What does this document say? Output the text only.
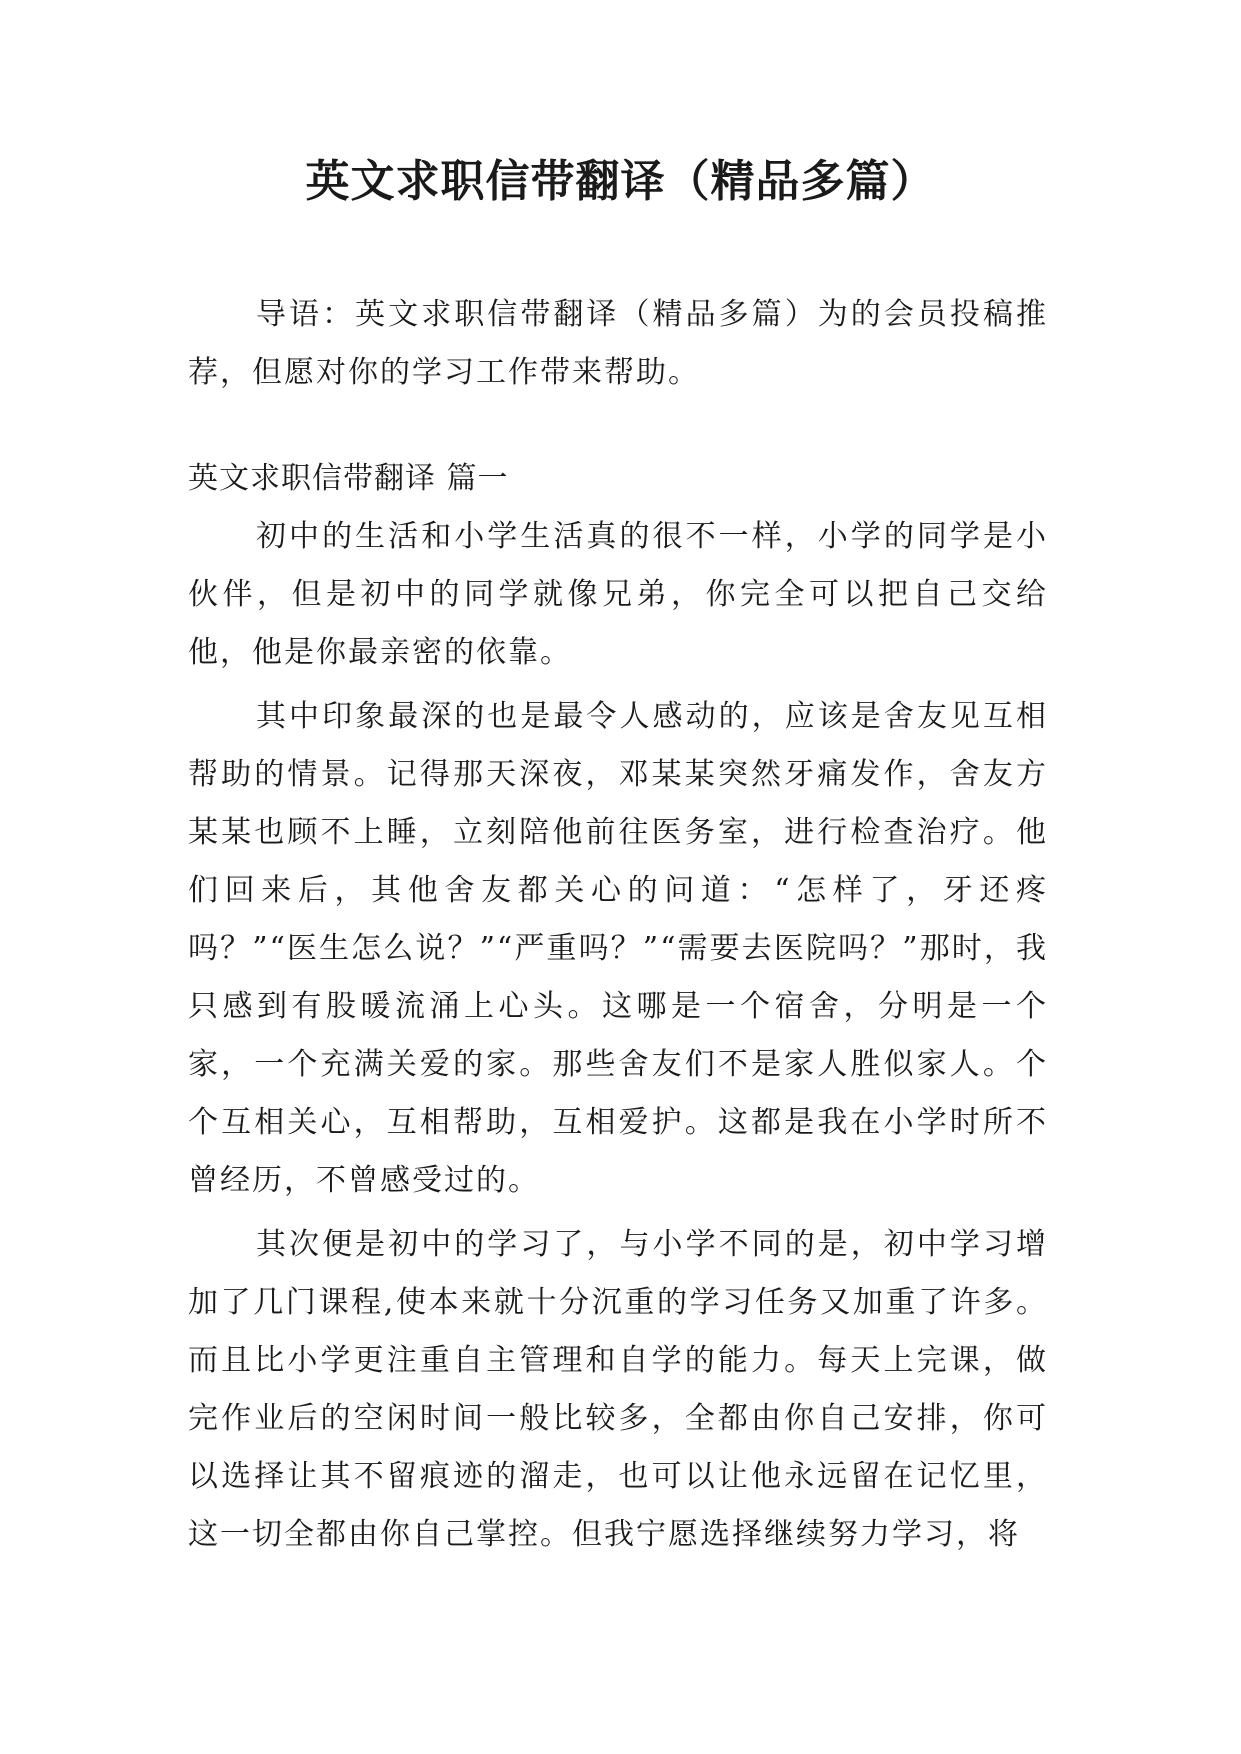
英文求职信带翻译（精品多篇）

导语：英文求职信带翻译（精品多篇）为的会员投稿推荐，但愿对你的学习工作带来帮助。

英文求职信带翻译 篇一

初中的生活和小学生活真的很不一样，小学的同学是小伙伴，但是初中的同学就像兄弟，你完全可以把自己交给他，他是你最亲密的依靠。

其中印象最深的也是最令人感动的，应该是舍友见互相帮助的情景。记得那天深夜，邓某某突然牙痛发作，舍友方某某也顾不上睡，立刻陪他前往医务室，进行检查治疗。他们回来后，其他舍友都关心的问道：“怎样了，牙还疼吗？”“医生怎么说？”“严重吗？”“需要去医院吗？”那时，我只感到有股暖流涌上心头。这哪是一个宿舍，分明是一个家，一个充满关爱的家。那些舍友们不是家人胜似家人。个个互相关心，互相帮助，互相爱护。这都是我在小学时所不曾经历，不曾感受过的。

其次便是初中的学习了，与小学不同的是，初中学习增加了几门课程,使本来就十分沉重的学习任务又加重了许多。而且比小学更注重自主管理和自学的能力。每天上完课，做完作业后的空闲时间一般比较多，全都由你自己安排，你可以选择让其不留痕迹的溜走，也可以让他永远留在记忆里，这一切全都由你自己掌控。但我宁愿选择继续努力学习，将
